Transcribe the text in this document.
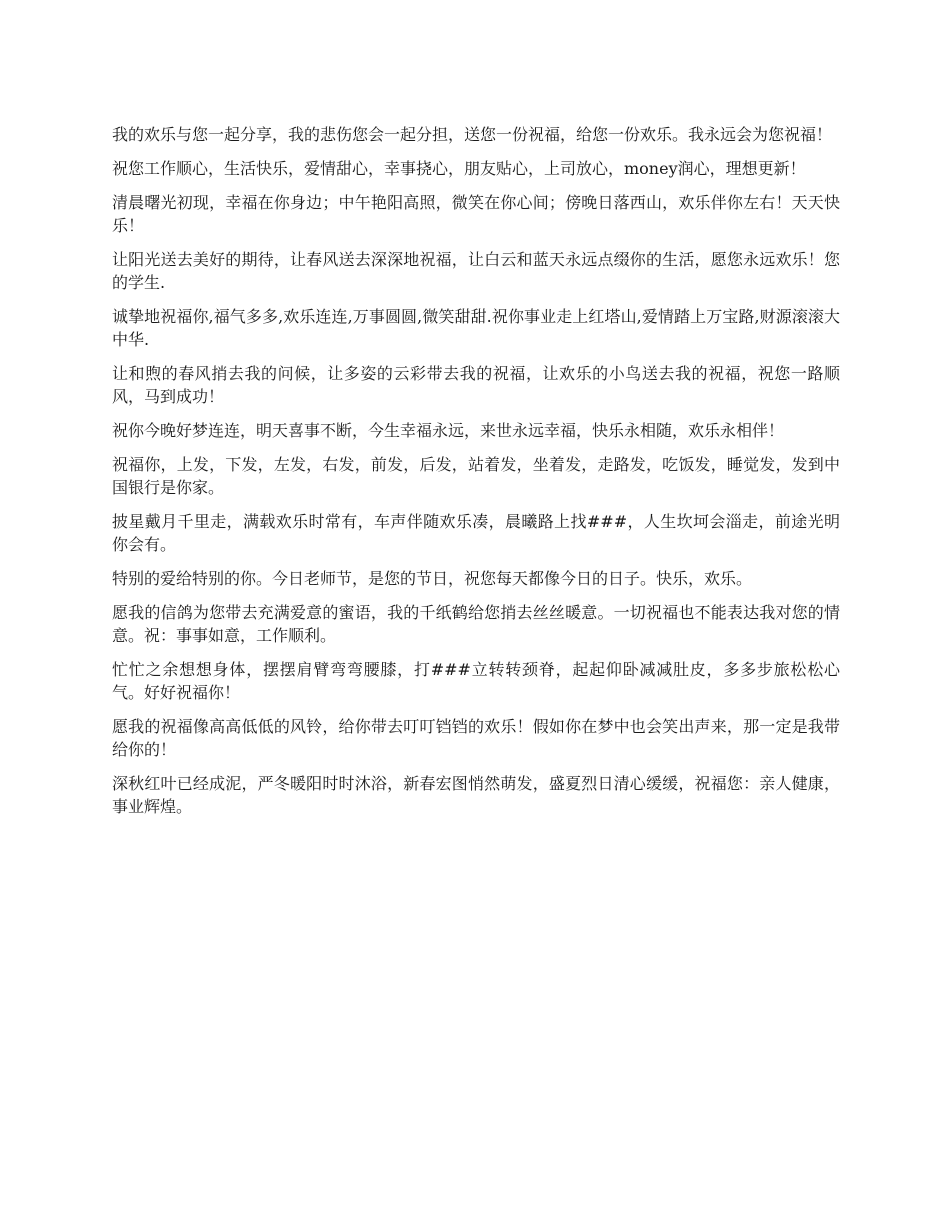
我的欢乐与您一起分享，我的悲伤您会一起分担，送您一份祝福，给您一份欢乐。我永远会为您祝福！

祝您工作顺心，生活快乐，爱情甜心，幸事挠心，朋友贴心，上司放心，money润心，理想更新！

清晨曙光初现，幸福在你身边；中午艳阳高照，微笑在你心间；傍晚日落西山，欢乐伴你左右！天天快乐！

让阳光送去美好的期待，让春风送去深深地祝福，让白云和蓝天永远点缀你的生活，愿您永远欢乐！您的学生.

诚挚地祝福你,福气多多,欢乐连连,万事圆圆,微笑甜甜.祝你事业走上红塔山,爱情踏上万宝路,财源滚滚大中华.

让和煦的春风捎去我的问候，让多姿的云彩带去我的祝福，让欢乐的小鸟送去我的祝福，祝您一路顺风，马到成功！

祝你今晚好梦连连，明天喜事不断，今生幸福永远，来世永远幸福，快乐永相随，欢乐永相伴！

祝福你，上发，下发，左发，右发，前发，后发，站着发，坐着发，走路发，吃饭发，睡觉发，发到中国银行是你家。

披星戴月千里走，满载欢乐时常有，车声伴随欢乐凑，晨曦路上找###，人生坎坷会淄走，前途光明你会有。

特别的爱给特别的你。今日老师节，是您的节日，祝您每天都像今日的日子。快乐，欢乐。

愿我的信鸽为您带去充满爱意的蜜语，我的千纸鹤给您捎去丝丝暖意。一切祝福也不能表达我对您的情意。祝：事事如意，工作顺利。

忙忙之余想想身体，摆摆肩臂弯弯腰膝，打###立转转颈脊，起起仰卧减减肚皮，多多步旅松松心气。好好祝福你！

愿我的祝福像高高低低的风铃，给你带去叮叮铛铛的欢乐！假如你在梦中也会笑出声来，那一定是我带给你的！

深秋红叶已经成泥，严冬暖阳时时沐浴，新春宏图悄然萌发，盛夏烈日清心缓缓，祝福您：亲人健康，事业辉煌。
